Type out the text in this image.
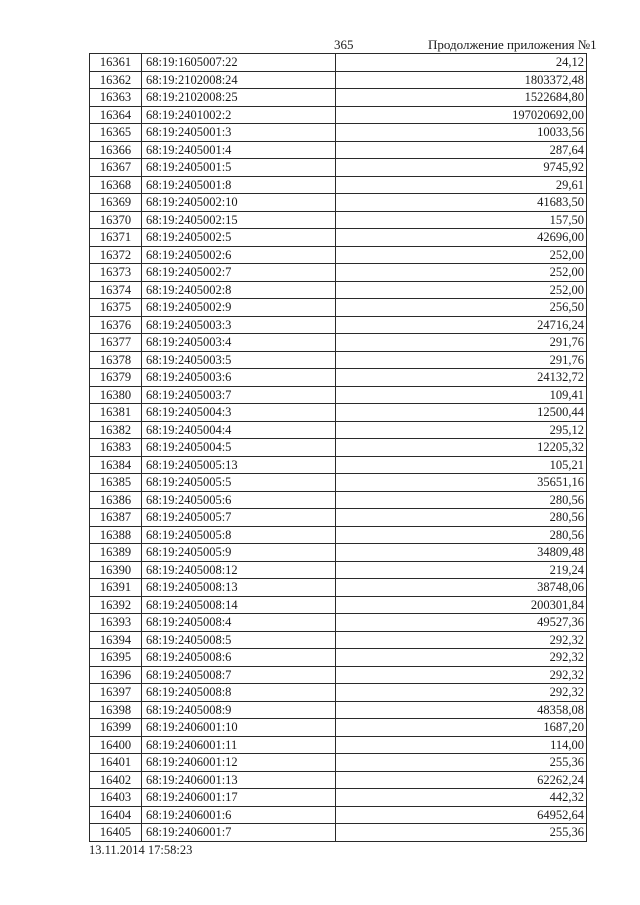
365	Продолжение приложения №1
16361	68:19:1605007:22	24,12
16362	68:19:2102008:24	1803372,48
16363	68:19:2102008:25	1522684,80
16364	68:19:2401002:2	197020692,00
16365	68:19:2405001:3	10033,56
16366	68:19:2405001:4	287,64
16367	68:19:2405001:5	9745,92
16368	68:19:2405001:8	29,61
16369	68:19:2405002:10	41683,50
16370	68:19:2405002:15	157,50
16371	68:19:2405002:5	42696,00
16372	68:19:2405002:6	252,00
16373	68:19:2405002:7	252,00
16374	68:19:2405002:8	252,00
16375	68:19:2405002:9	256,50
16376	68:19:2405003:3	24716,24
16377	68:19:2405003:4	291,76
16378	68:19:2405003:5	291,76
16379	68:19:2405003:6	24132,72
16380	68:19:2405003:7	109,41
16381	68:19:2405004:3	12500,44
16382	68:19:2405004:4	295,12
16383	68:19:2405004:5	12205,32
16384	68:19:2405005:13	105,21
16385	68:19:2405005:5	35651,16
16386	68:19:2405005:6	280,56
16387	68:19:2405005:7	280,56
16388	68:19:2405005:8	280,56
16389	68:19:2405005:9	34809,48
16390	68:19:2405008:12	219,24
16391	68:19:2405008:13	38748,06
16392	68:19:2405008:14	200301,84
16393	68:19:2405008:4	49527,36
16394	68:19:2405008:5	292,32
16395	68:19:2405008:6	292,32
16396	68:19:2405008:7	292,32
16397	68:19:2405008:8	292,32
16398	68:19:2405008:9	48358,08
16399	68:19:2406001:10	1687,20
16400	68:19:2406001:11	114,00
16401	68:19:2406001:12	255,36
16402	68:19:2406001:13	62262,24
16403	68:19:2406001:17	442,32
16404	68:19:2406001:6	64952,64
16405	68:19:2406001:7	255,36
13.11.2014 17:58:23
